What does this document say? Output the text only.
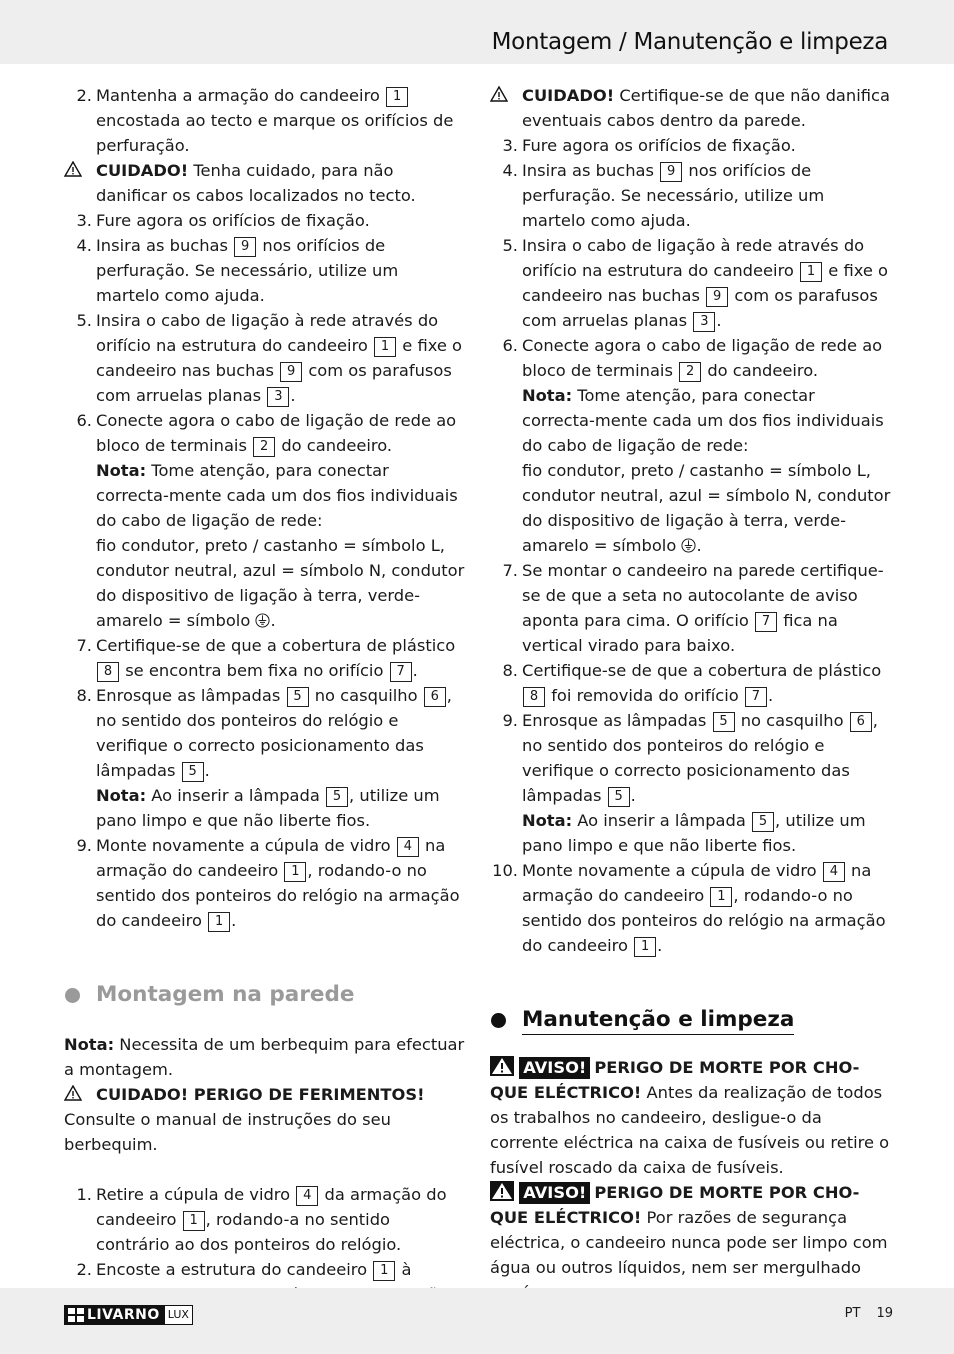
Montagem / Manutenção e limpeza
2. Mantenha a armação do candeeiro 1
encostada ao tecto e marque os orifícios de perfuração.
CUIDADO! Tenha cuidado, para não danificar os cabos localizados no tecto.
3. Fure agora os orifícios de fixação.
4. Insira as buchas 9 nos orifícios de perfuração. Se necessário, utilize um martelo como ajuda.
5. Insira o cabo de ligação à rede através do orifício na estrutura do candeeiro 1 e fixe o candeeiro nas buchas 9 com os parafusos com arruelas planas 3 .
6. Conecte agora o cabo de ligação de rede ao bloco de terminais 2 do candeeiro.
Nota: Tome atenção, para conectar correcta-mente cada um dos fios individuais do cabo de ligação de rede:
fio condutor, preto / castanho = símbolo L, condutor neutral, azul = símbolo N, condutor do dispositivo de ligação à terra, verde-amarelo = símbolo .
7. Certifique-se de que a cobertura de plástico 8 se encontra bem fixa no orifício 7 .
8. Enrosque as lâmpadas 5 no casquilho 6 , no sentido dos ponteiros do relógio e verifique o correcto posicionamento das lâmpadas 5 .
Nota: Ao inserir a lâmpada 5 , utilize um pano limpo e que não liberte fios.
9. Monte novamente a cúpula de vidro 4 na armação do candeeiro 1 , rodando-o no sentido dos ponteiros do relógio na armação do candeeiro 1 .
Montagem na parede
Nota: Necessita de um berbequim para efectuar a montagem.
CUIDADO! PERIGO DE FERIMENTOS!
Consulte o manual de instruções do seu berbequim.
1. Retire a cúpula de vidro 4 da armação do candeeiro 1 , rodando-a no sentido contrário ao dos ponteiros do relógio.
2. Encoste a estrutura do candeeiro 1 à
CUIDADO! Certifique-se de que não danifica eventuais cabos dentro da parede.
3. Fure agora os orifícios de fixação.
4. Insira as buchas 9 nos orifícios de perfuração. Se necessário, utilize um martelo como ajuda.
5. Insira o cabo de ligação à rede através do orifício na estrutura do candeeiro 1 e fixe o candeeiro nas buchas 9 com os parafusos com arruelas planas 3 .
6. Conecte agora o cabo de ligação de rede ao bloco de terminais 2 do candeeiro.
Nota: Tome atenção, para conectar correcta-mente cada um dos fios individuais do cabo de ligação de rede:
fio condutor, preto / castanho = símbolo L, condutor neutral, azul = símbolo N, condutor do dispositivo de ligação à terra, verde-amarelo = símbolo .
7. Se montar o candeeiro na parede certifique-se de que a seta no autocolante de aviso aponta para cima. O orifício 7 fica na vertical virado para baixo.
8. Certifique-se de que a cobertura de plástico 8 foi removida do orifício 7 .
9. Enrosque as lâmpadas 5 no casquilho 6 , no sentido dos ponteiros do relógio e verifique o correcto posicionamento das lâmpadas 5 .
Nota: Ao inserir a lâmpada 5 , utilize um pano limpo e que não liberte fios.
10. Monte novamente a cúpula de vidro 4 na armação do candeeiro 1 , rodando-o no sentido dos ponteiros do relógio na armação do candeeiro 1 .
Manutenção e limpeza
AVISO! PERIGO DE MORTE POR CHO-QUE ELÉCTRICO! Antes da realização de todos os trabalhos no candeeiro, desligue-o da corrente eléctrica na caixa de fusíveis ou retire o fusível roscado da caixa de fusíveis.
AVISO! PERIGO DE MORTE POR CHO-QUE ELÉCTRICO! Por razões de segurança eléctrica, o candeeiro nunca pode ser limpo com água ou outros líquidos, nem ser mergulhado
LIVARNO LUX	PT 19
